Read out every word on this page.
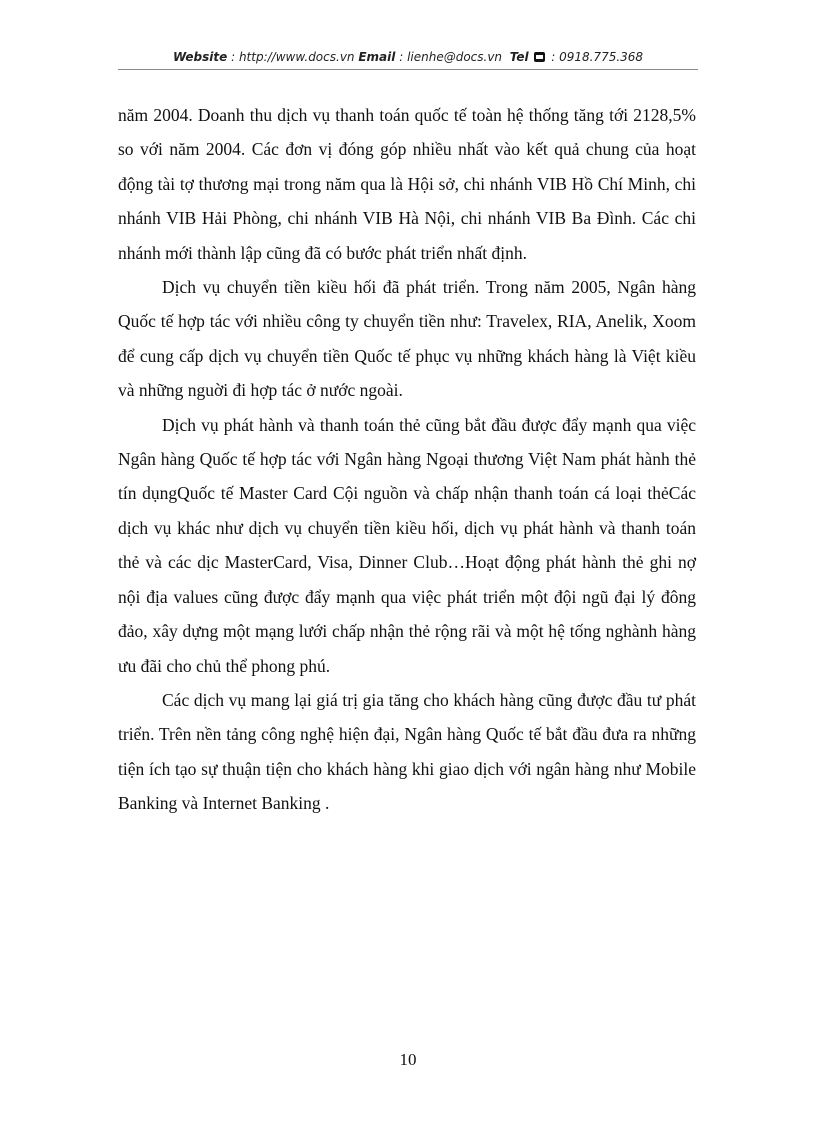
Website : http://www.docs.vn Email : lienhe@docs.vn Tel  : 0918.775.368

năm 2004. Doanh thu dịch vụ thanh toán quốc tế toàn hệ thống tăng tới 2128,5% so với năm 2004. Các đơn vị đóng góp nhiều nhất vào kết quả chung của hoạt động tài tợ thương mại trong năm qua là Hội sở, chi nhánh VIB Hồ Chí Minh, chi nhánh VIB Hải Phòng, chi nhánh VIB Hà Nội, chi nhánh VIB Ba Đình. Các chi nhánh mới thành lập cũng đã có bước phát triển nhất định.

Dịch vụ chuyển tiền kiều hối đã phát triển. Trong năm 2005, Ngân hàng Quốc tế hợp tác với nhiều công ty chuyển tiền như: Travelex, RIA, Anelik, Xoom để cung cấp dịch vụ chuyển tiền Quốc tế phục vụ những khách hàng là Việt kiều và những nguời đi hợp tác ở nước ngoài.

Dịch vụ phát hành và thanh toán thẻ cũng bắt đầu được đẩy mạnh qua việc Ngân hàng Quốc tế hợp tác với Ngân hàng Ngoại thương Việt Nam phát hành thẻ tín dụngQuốc tế Master Card Cội nguồn và chấp nhận thanh toán cá loại thẻCác dịch vụ khác như dịch vụ chuyển tiền kiều hối, dịch vụ phát hành và thanh toán thẻ và các dịc MasterCard, Visa, Dinner Club…Hoạt động phát hành thẻ ghi nợ nội địa values cũng được đẩy mạnh qua việc phát triển một đội ngũ đại lý đông đảo, xây dựng một mạng lưới chấp nhận thẻ rộng rãi và một hệ tống nghành hàng ưu đãi cho chủ thể phong phú.

Các dịch vụ mang lại giá trị gia tăng cho khách hàng cũng được đầu tư phát triển. Trên nền tảng công nghệ hiện đại, Ngân hàng Quốc tế bắt đầu đưa ra những tiện ích tạo sự thuận tiện cho khách hàng khi giao dịch với ngân hàng như Mobile Banking và Internet Banking .

10
